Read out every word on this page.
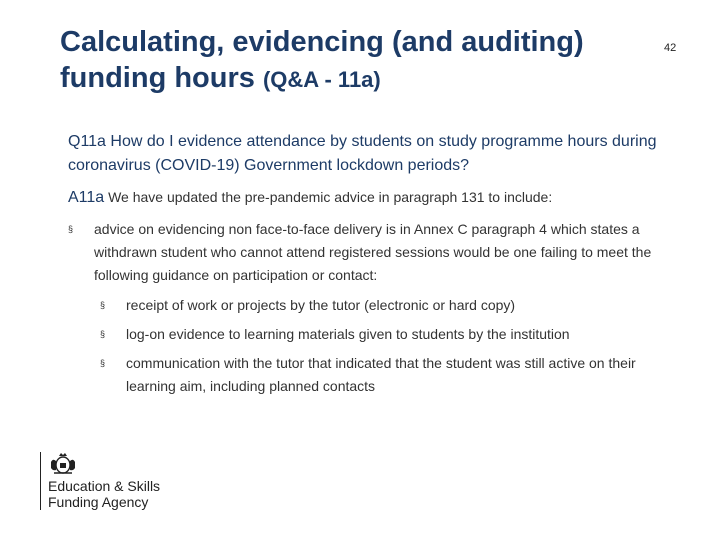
Calculating, evidencing (and auditing) funding hours (Q&A - 11a)
42
Q11a How do I evidence attendance by students on study programme hours during coronavirus (COVID-19) Government lockdown periods?
A11a We have updated the pre-pandemic advice in paragraph 131 to include:
§ advice on evidencing non face-to-face delivery is in Annex C paragraph 4 which states a withdrawn student who cannot attend registered sessions would be one failing to meet the following guidance on participation or contact:
§ receipt of work or projects by the tutor (electronic or hard copy)
§ log-on evidence to learning materials given to students by the institution
§ communication with the tutor that indicated that the student was still active on their learning aim, including planned contacts
Education & Skills
Funding Agency
